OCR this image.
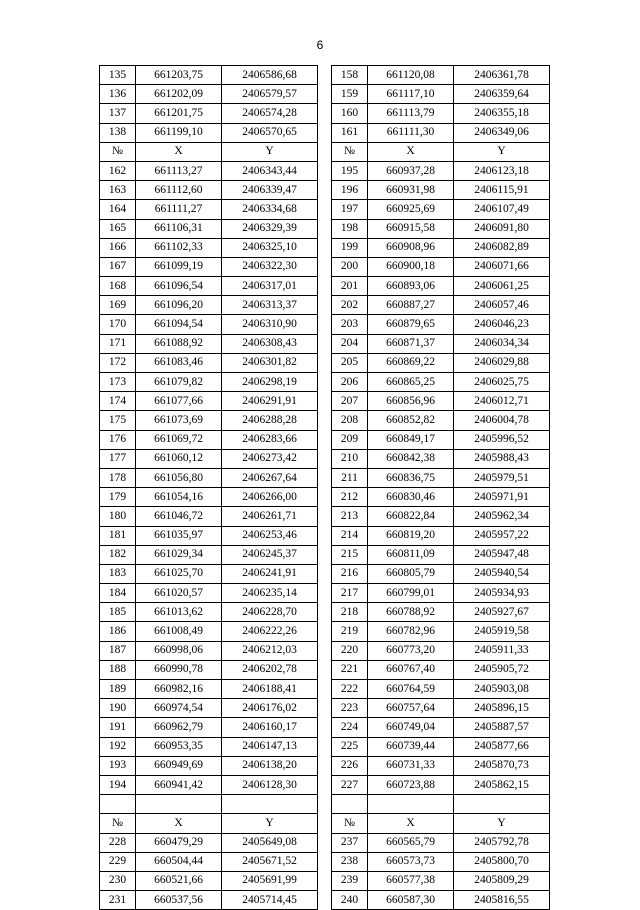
6
135	661203,75	2406586,68		158	661120,08	2406361,78
136	661202,09	2406579,57		159	661117,10	2406359,64
137	661201,75	2406574,28		160	661113,79	2406355,18
138	661199,10	2406570,65		161	661111,30	2406349,06
№	X	Y		№	X	Y
162	661113,27	2406343,44		195	660937,28	2406123,18
163	661112,60	2406339,47		196	660931,98	2406115,91
164	661111,27	2406334,68		197	660925,69	2406107,49
165	661106,31	2406329,39		198	660915,58	2406091,80
166	661102,33	2406325,10		199	660908,96	2406082,89
167	661099,19	2406322,30		200	660900,18	2406071,66
168	661096,54	2406317,01		201	660893,06	2406061,25
169	661096,20	2406313,37		202	660887,27	2406057,46
170	661094,54	2406310,90		203	660879,65	2406046,23
171	661088,92	2406308,43		204	660871,37	2406034,34
172	661083,46	2406301,82		205	660869,22	2406029,88
173	661079,82	2406298,19		206	660865,25	2406025,75
174	661077,66	2406291,91		207	660856,96	2406012,71
175	661073,69	2406288,28		208	660852,82	2406004,78
176	661069,72	2406283,66		209	660849,17	2405996,52
177	661060,12	2406273,42		210	660842,38	2405988,43
178	661056,80	2406267,64		211	660836,75	2405979,51
179	661054,16	2406266,00		212	660830,46	2405971,91
180	661046,72	2406261,71		213	660822,84	2405962,34
181	661035,97	2406253,46		214	660819,20	2405957,22
182	661029,34	2406245,37		215	660811,09	2405947,48
183	661025,70	2406241,91		216	660805,79	2405940,54
184	661020,57	2406235,14		217	660799,01	2405934,93
185	661013,62	2406228,70		218	660788,92	2405927,67
186	661008,49	2406222,26		219	660782,96	2405919,58
187	660998,06	2406212,03		220	660773,20	2405911,33
188	660990,78	2406202,78		221	660767,40	2405905,72
189	660982,16	2406188,41		222	660764,59	2405903,08
190	660974,54	2406176,02		223	660757,64	2405896,15
191	660962,79	2406160,17		224	660749,04	2405887,57
192	660953,35	2406147,13		225	660739,44	2405877,66
193	660949,69	2406138,20		226	660731,33	2405870,73
194	660941,42	2406128,30		227	660723,88	2405862,15

№	X	Y		№	X	Y
228	660479,29	2405649,08		237	660565,79	2405792,78
229	660504,44	2405671,52		238	660573,73	2405800,70
230	660521,66	2405691,99		239	660577,38	2405809,29
231	660537,56	2405714,45		240	660587,30	2405816,55
